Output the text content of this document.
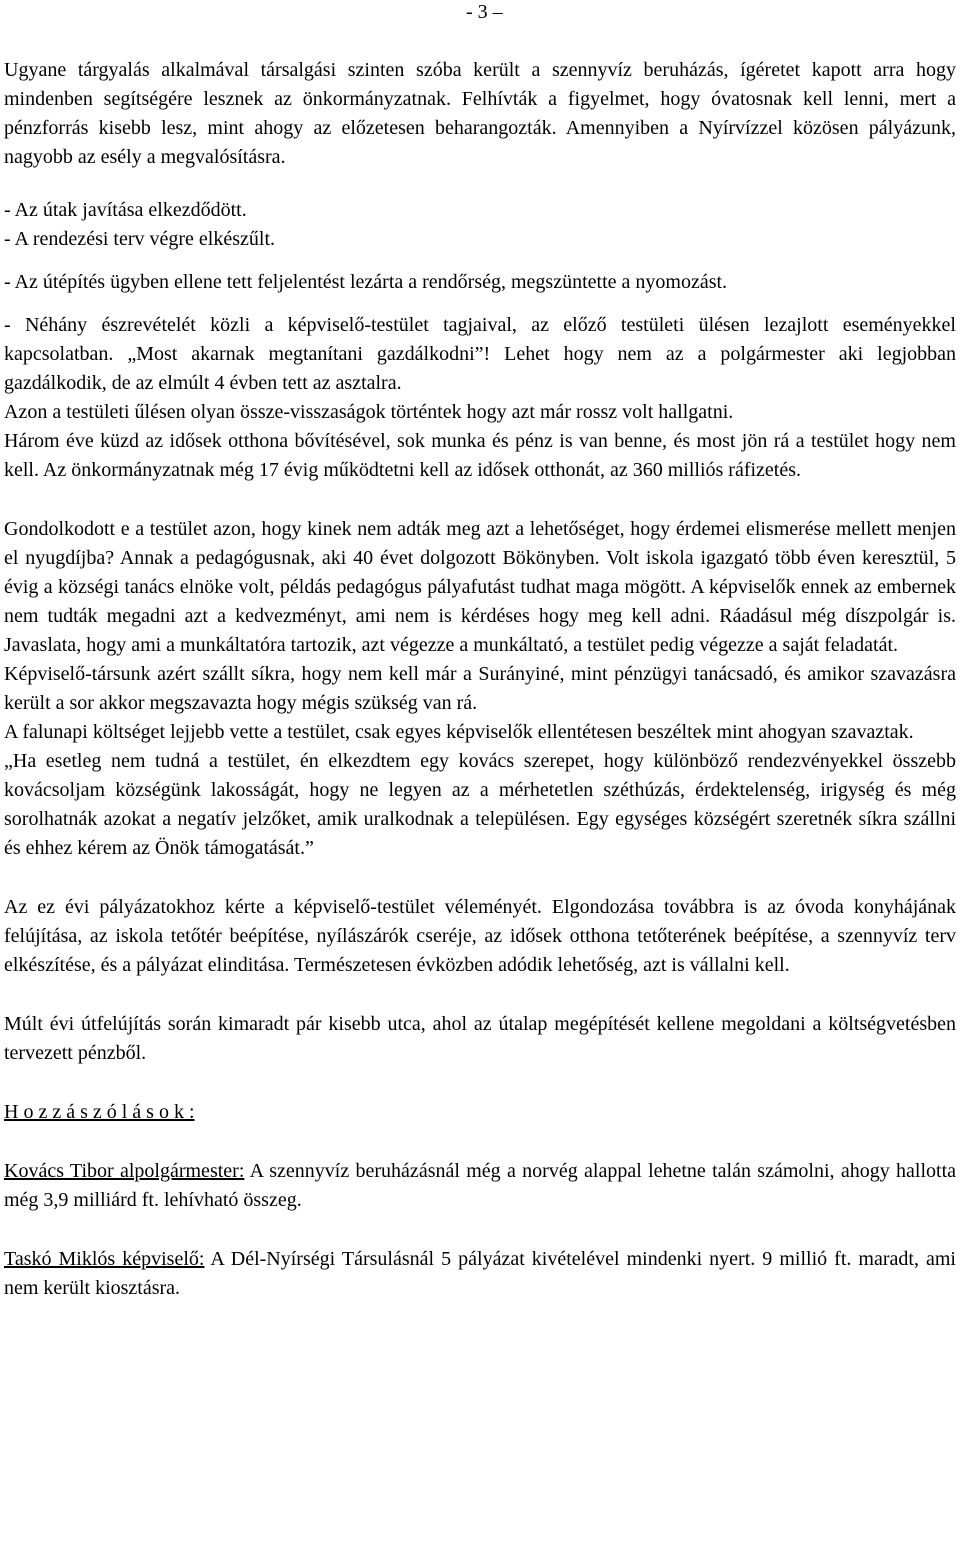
- 3 –

Ugyane tárgyalás alkalmával társalgási szinten szóba került a szennyvíz beruházás, ígéretet kapott arra hogy mindenben segítségére lesznek az önkormányzatnak. Felhívták a figyelmet, hogy óvatosnak kell lenni, mert a pénzforrás kisebb lesz, mint ahogy az előzetesen beharangozták. Amennyiben a Nyírvízzel közösen pályázunk, nagyobb az esély a megvalósításra.

- Az útak javítása elkezdődött.

- A rendezési terv végre elkészűlt.

- Az útépítés ügyben ellene tett feljelentést lezárta a rendőrség, megszüntette a nyomozást.

- Néhány észrevételét közli a képviselő-testület tagjaival, az előző testületi ülésen lezajlott eseményekkel kapcsolatban. „Most akarnak megtanítani gazdálkodni”! Lehet hogy nem az a polgármester aki legjobban gazdálkodik, de az elmúlt 4 évben tett az asztalra.

Azon a testületi űlésen olyan össze-visszaságok történtek hogy azt már rossz volt hallgatni.

Három éve küzd az idősek otthona bővítésével, sok munka és pénz is van benne, és most jön rá a testület hogy nem kell. Az önkormányzatnak még 17 évig működtetni kell az idősek otthonát, az 360 milliós ráfizetés.

Gondolkodott e a testület azon, hogy kinek nem adták meg azt a lehetőséget, hogy érdemei elismerése mellett menjen el nyugdíjba? Annak a pedagógusnak, aki 40 évet dolgozott Bökönyben. Volt iskola igazgató több éven keresztül, 5 évig a községi tanács elnöke volt, példás pedagógus pályafutást tudhat maga mögött. A képviselők ennek az embernek nem tudták megadni azt a kedvezményt, ami nem is kérdéses hogy meg kell adni. Ráadásul még díszpolgár is. Javaslata, hogy ami a munkáltatóra tartozik, azt végezze a munkáltató, a testület pedig végezze a saját feladatát.

Képviselő-társunk azért szállt síkra, hogy nem kell már a Surányiné, mint pénzügyi tanácsadó, és amikor szavazásra került a sor akkor megszavazta hogy mégis szükség van rá.

A falunapi költséget lejjebb vette a testület, csak egyes képviselők ellentétesen beszéltek mint ahogyan szavaztak.

„Ha esetleg nem tudná a testület, én elkezdtem egy kovács szerepet, hogy különböző rendezvényekkel összebb kovácsoljam községünk lakosságát, hogy ne legyen az a mérhetetlen széthúzás, érdektelenség, irigység és még sorolhatnák azokat a negatív jelzőket, amik uralkodnak a településen. Egy egységes községért szeretnék síkra szállni és ehhez kérem az Önök támogatását.”

Az ez évi pályázatokhoz kérte a képviselő-testület véleményét. Elgondozása továbbra is az óvoda konyhájának felújítása, az iskola tetőtér beépítése, nyílászárók cseréje, az idősek otthona tetőterének beépítése, a szennyvíz terv elkészítése, és a pályázat elinditása. Természetesen évközben adódik lehetőség, azt is vállalni kell.

Múlt évi útfelújítás során kimaradt pár kisebb utca, ahol az útalap megépítését kellene megoldani a költségvetésben tervezett pénzből.

H o z z á s z ó l á s o k :

Kovács Tibor alpolgármester: A szennyvíz beruházásnál még a norvég alappal lehetne talán számolni, ahogy hallotta még 3,9 milliárd ft. lehívható összeg.

Taskó Miklós képviselő: A Dél-Nyírségi Társulásnál 5 pályázat kivételével mindenki nyert. 9 millió ft. maradt, ami nem került kiosztásra.
